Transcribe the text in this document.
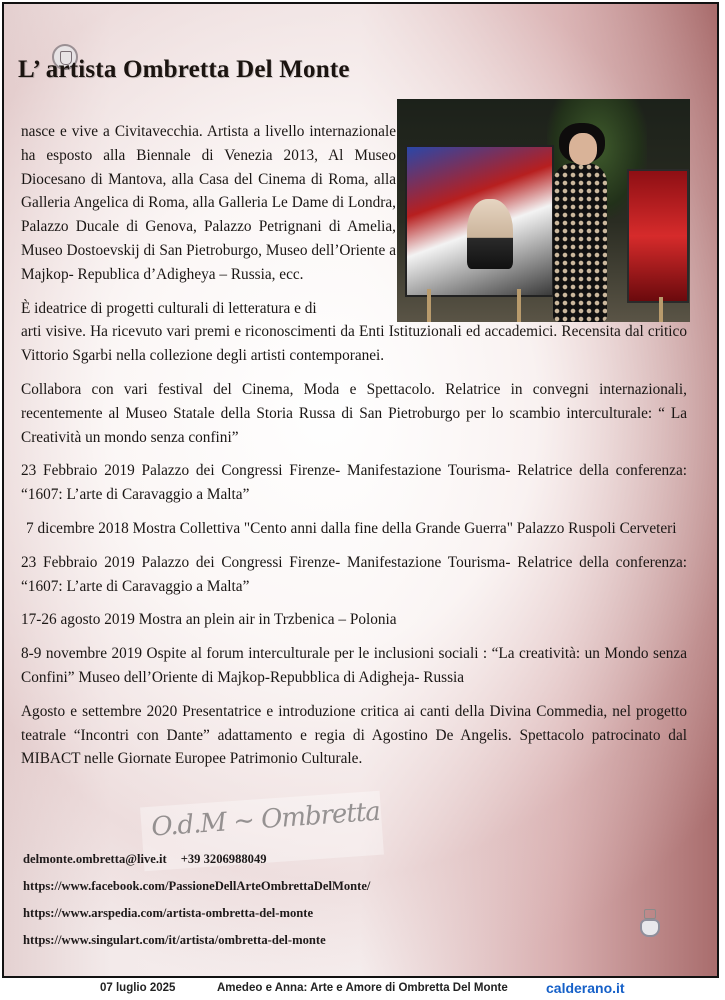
L’ artista Ombretta Del Monte

nasce e vive a Civitavecchia. Artista a livello internazionale ha esposto alla Biennale di Venezia 2013, Al Museo Diocesano di Mantova, alla Casa del Cinema di Roma, alla Galleria Angelica di Roma, alla Galleria Le Dame di Londra, Palazzo Ducale di Genova, Palazzo Petrignani di Amelia, Museo Dostoevskij di San Pietroburgo, Museo dell’Oriente a Majkop- Republica d’Adigheya – Russia, ecc.

È ideatrice di progetti culturali di letteratura e di
arti visive. Ha ricevuto vari premi e riconoscimenti da Enti Istituzionali ed accademici. Recensita dal critico Vittorio Sgarbi nella collezione degli artisti contemporanei.

Collabora con vari festival del Cinema, Moda e Spettacolo. Relatrice in convegni internazionali, recentemente al Museo Statale della Storia Russa di San Pietroburgo per lo scambio interculturale: “ La Creatività un mondo senza confini”

23 Febbraio 2019 Palazzo dei Congressi Firenze- Manifestazione Tourisma- Relatrice della conferenza: “1607: L’arte di Caravaggio a Malta”

7 dicembre 2018 Mostra Collettiva "Cento anni dalla fine della Grande Guerra" Palazzo Ruspoli Cerveteri

23 Febbraio 2019 Palazzo dei Congressi Firenze- Manifestazione Tourisma- Relatrice della conferenza: “1607: L’arte di Caravaggio a Malta”

17-26 agosto 2019 Mostra an plein air in Trzbenica – Polonia

8-9 novembre 2019 Ospite al forum interculturale per le inclusioni sociali : “La creatività: un Mondo senza Confini” Museo dell’Oriente di Majkop-Repubblica di Adigheja- Russia

Agosto e settembre 2020 Presentatrice e introduzione critica ai canti della Divina Commedia, nel progetto teatrale “Incontri con Dante” adattamento e regia di Agostino De Angelis. Spettacolo patrocinato dal MIBACT nelle Giornate Europee Patrimonio Culturale.

O.d.M ~ Ombretta
delmonte.ombretta@live.it +39 3206988049
https://www.facebook.com/PassioneDellArteOmbrettaDelMonte/
https://www.arspedia.com/artista-ombretta-del-monte
https://www.singulart.com/it/artista/ombretta-del-monte
07 luglio 2025	Amedeo e Anna: Arte e Amore di Ombretta Del Monte	calderano.it
